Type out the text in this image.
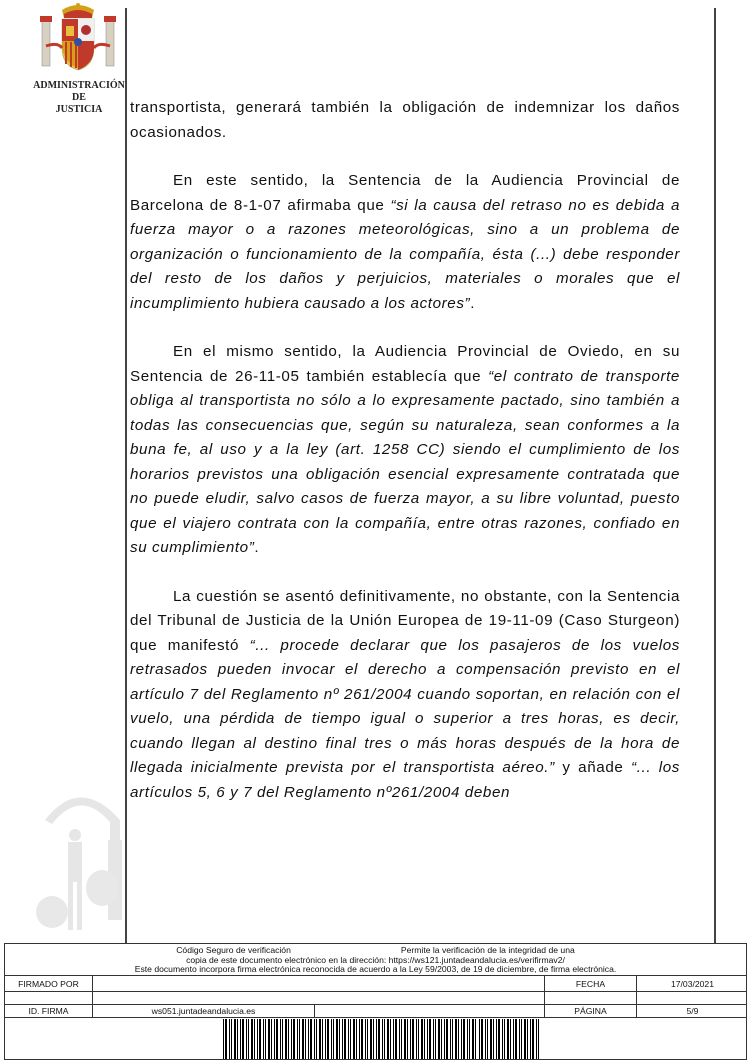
ADMINISTRACIÓN
DE
JUSTICIA	transportista, generará también la obligación de indemnizar los daños ocasionados.

En este sentido, la Sentencia de la Audiencia Provincial de Barcelona de 8-1-07 afirmaba que “si la causa del retraso no es debida a fuerza mayor o a razones meteorológicas, sino a un problema de organización o funcionamiento de la compañía, ésta (...) debe responder del resto de los daños y perjuicios, materiales o morales que el incumplimiento hubiera causado a los actores”.

En el mismo sentido, la Audiencia Provincial de Oviedo, en su Sentencia de 26-11-05 también establecía que “el contrato de transporte obliga al transportista no sólo a lo expresamente pactado, sino también a todas las consecuencias que, según su naturaleza, sean conformes a la buna fe, al uso y a la ley (art. 1258 CC) siendo el cumplimiento de los horarios previstos una obligación esencial expresamente contratada que no puede eludir, salvo casos de fuerza mayor, a su libre voluntad, puesto que el viajero contrata con la compañía, entre otras razones, confiado en su cumplimiento”.

La cuestión se asentó definitivamente, no obstante, con la Sentencia del Tribunal de Justicia de la Unión Europea de 19-11-09 (Caso Sturgeon) que manifestó “... procede declarar que los pasajeros de los vuelos retrasados pueden invocar el derecho a compensación previsto en el artículo 7 del Reglamento nº 261/2004 cuando soportan, en relación con el vuelo, una pérdida de tiempo igual o superior a tres horas, es decir, cuando llegan al destino final tres o más horas después de la hora de llegada inicialmente prevista por el transportista aéreo.” y añade “... los artículos 5, 6 y 7 del Reglamento nº261/2004 deben

Código Seguro de verificación	Permite la verificación de la integridad de una
copia de este documento electrónico en la dirección: https://ws121.juntadeandalucia.es/verifirmav2/
Este documento incorpora firma electrónica reconocida de acuerdo a la Ley 59/2003, de 19 de diciembre, de firma electrónica.
FIRMADO POR	FECHA	17/03/2021
ID. FIRMA	ws051.juntadeandalucia.es	PÁGINA	5/9
